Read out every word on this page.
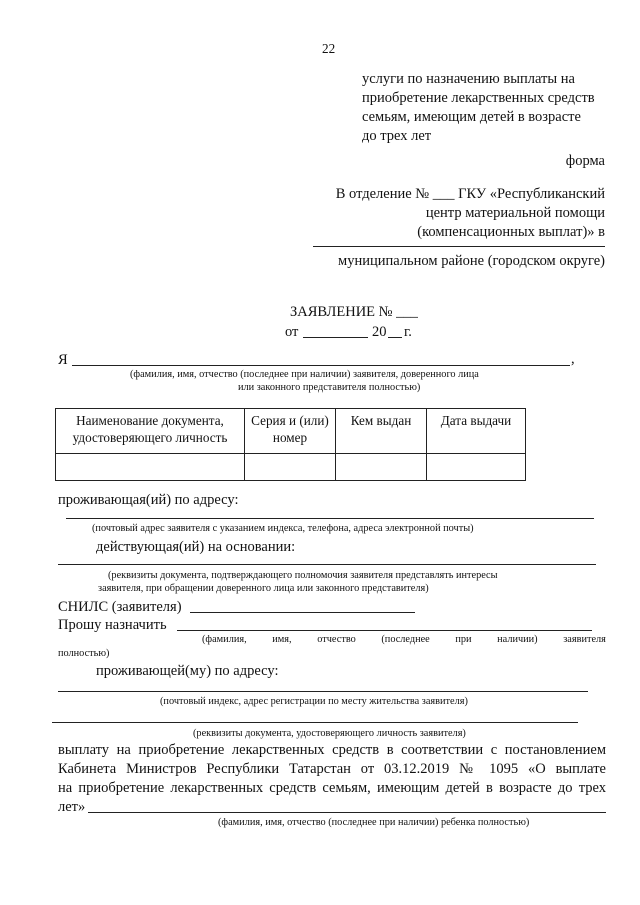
22
услуги по назначению выплаты на
приобретение лекарственных средств
семьям, имеющим детей в возрасте
до трех лет
форма
В отделение № ___ ГКУ «Республиканский
центр материальной помощи
(компенсационных выплат)» в
муниципальном районе (городском округе)
ЗАЯВЛЕНИЕ № ___
от	20 г.
Я	,
(фамилия, имя, отчество (последнее при наличии) заявителя, доверенного лица
или законного представителя полностью)
Наименование документа, удостоверяющего личность	Серия и (или) номер	Кем выдан	Дата выдачи

проживающая(ий) по адресу:
(почтовый адрес заявителя с указанием индекса, телефона, адреса электронной почты)
действующая(ий) на основании:
(реквизиты документа, подтверждающего полномочия заявителя представлять интересы
заявителя, при обращении доверенного лица или законного представителя)
СНИЛС (заявителя)
Прошу назначить
(фамилия, имя, отчество (последнее при наличии) заявителя
полностью)
проживающей(му) по адресу:
(почтовый индекс, адрес регистрации по месту жительства заявителя)
(реквизиты документа, удостоверяющего личность заявителя)
выплату на приобретение лекарственных средств в соответствии с постановлением
Кабинета Министров Республики Татарстан от 03.12.2019 № 1095 «О выплате
на приобретение лекарственных средств семьям, имеющим детей в возрасте до трех
лет»
(фамилия, имя, отчество (последнее при наличии) ребенка полностью)
